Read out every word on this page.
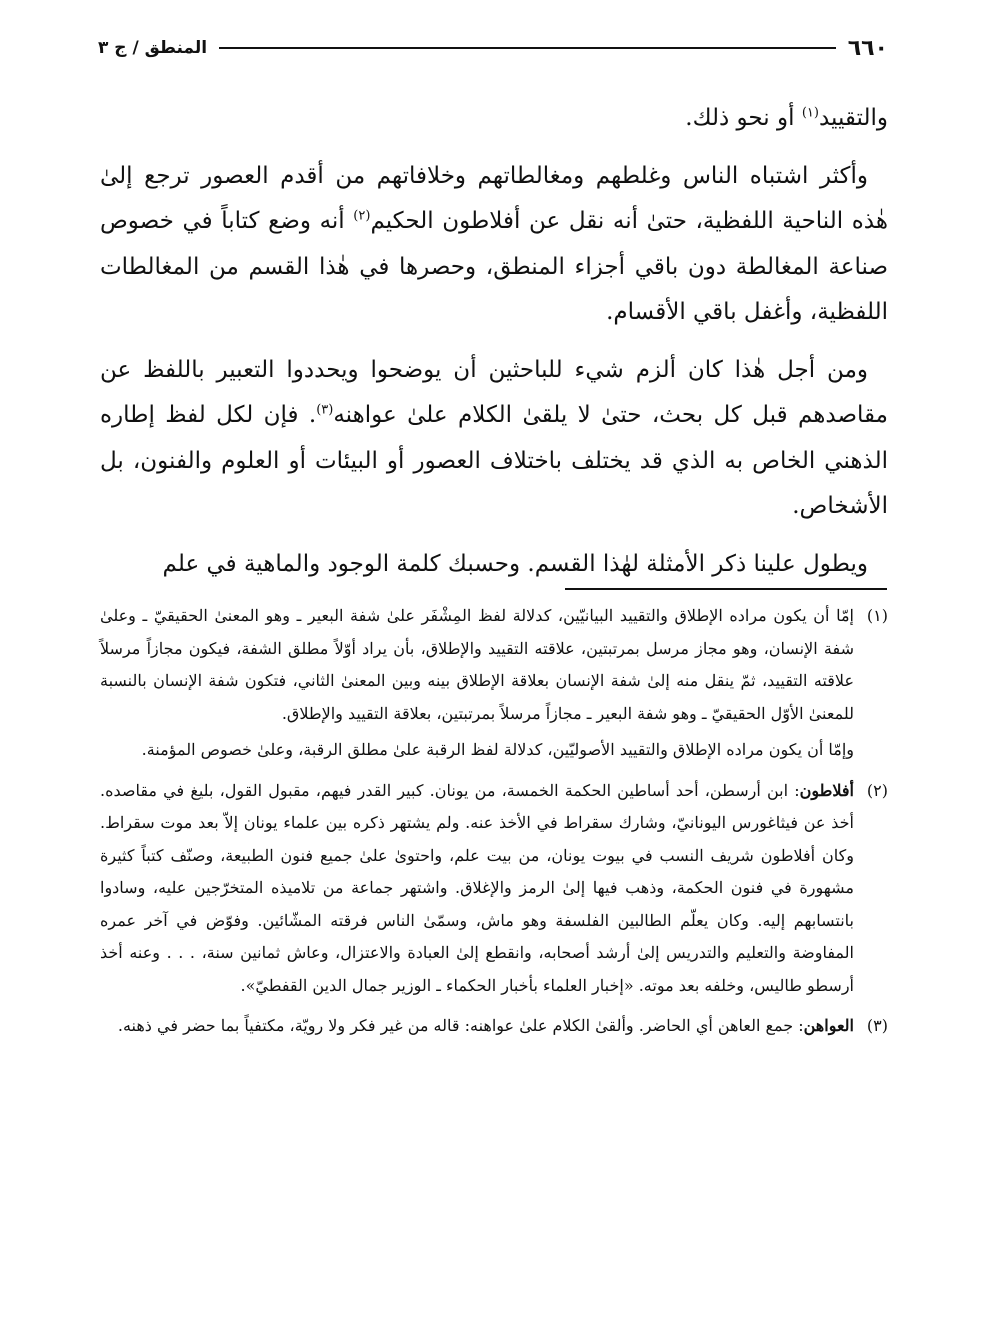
٦٦٠
المنطق / ج ٣

والتقييد$^{(١)}$ أو نحو ذلك.

وأكثر اشتباه الناس وغلطهم ومغالطاتهم وخلافاتهم من أقدم العصور ترجع إلىٰ هٰذه الناحية اللفظية، حتىٰ أنه نقل عن أفلاطون الحكيم$^{(٢)}$ أنه وضع كتاباً في خصوص صناعة المغالطة دون باقي أجزاء المنطق، وحصرها في هٰذا القسم من المغالطات اللفظية، وأغفل باقي الأقسام.

ومن أجل هٰذا كان ألزم شيء للباحثين أن يوضحوا ويحددوا التعبير باللفظ عن مقاصدهم قبل كل بحث، حتىٰ لا يلقىٰ الكلام علىٰ عواهنه$^{(٣)}$. فإن لكل لفظ إطاره الذهني الخاص به الذي قد يختلف باختلاف العصور أو البيئات أو العلوم والفنون، بل الأشخاص.

ويطول علينا ذكر الأمثلة لهٰذا القسم. وحسبك كلمة الوجود والماهية في علم

(١)

إمّا أن يكون مراده الإطلاق والتقييد البيانيّين، كدلالة لفظ المِشْفَر علىٰ شفة البعير ـ وهو المعنىٰ الحقيقيّ ـ وعلىٰ شفة الإنسان، وهو مجاز مرسل بمرتبتين، علاقته التقييد والإطلاق، بأن يراد أوّلاً مطلق الشفة، فيكون مجازاً مرسلاً علاقته التقييد، ثمّ ينقل منه إلىٰ شفة الإنسان بعلاقة الإطلاق بينه وبين المعنىٰ الثاني، فتكون شفة الإنسان بالنسبة للمعنىٰ الأوّل الحقيقيّ ـ وهو شفة البعير ـ مجازاً مرسلاً بمرتبتين، بعلاقة التقييد والإطلاق.

وإمّا أن يكون مراده الإطلاق والتقييد الأصوليّين، كدلالة لفظ الرقبة علىٰ مطلق الرقبة، وعلىٰ خصوص المؤمنة.

(٢)

أفلاطون: ابن أرسطن، أحد أساطين الحكمة الخمسة، من يونان. كبير القدر فيهم، مقبول القول، بليغ في مقاصده. أخذ عن فيثاغورس اليونانيّ، وشارك سقراط في الأخذ عنه. ولم يشتهر ذكره بين علماء يونان إلاّ بعد موت سقراط. وكان أفلاطون شريف النسب في بيوت يونان، من بيت علم، واحتوىٰ علىٰ جميع فنون الطبيعة، وصنّف كتباً كثيرة مشهورة في فنون الحكمة، وذهب فيها إلىٰ الرمز والإغلاق. واشتهر جماعة من تلاميذه المتخرّجين عليه، وسادوا بانتسابهم إليه. وكان يعلّم الطالبين الفلسفة وهو ماش، وسمّىٰ الناس فرقته المشّائين. وفوّض في آخر عمره المفاوضة والتعليم والتدريس إلىٰ أرشد أصحابه، وانقطع إلىٰ العبادة والاعتزال، وعاش ثمانين سنة، . . . وعنه أخذ أرسطو طاليس، وخلفه بعد موته. «إخبار العلماء بأخبار الحكماء ـ الوزير جمال الدين القفطيّ».

(٣)

العواهن: جمع العاهن أي الحاضر. وألقىٰ الكلام علىٰ عواهنه: قاله من غير فكر ولا رويّة، مكتفياً بما حضر في ذهنه.
